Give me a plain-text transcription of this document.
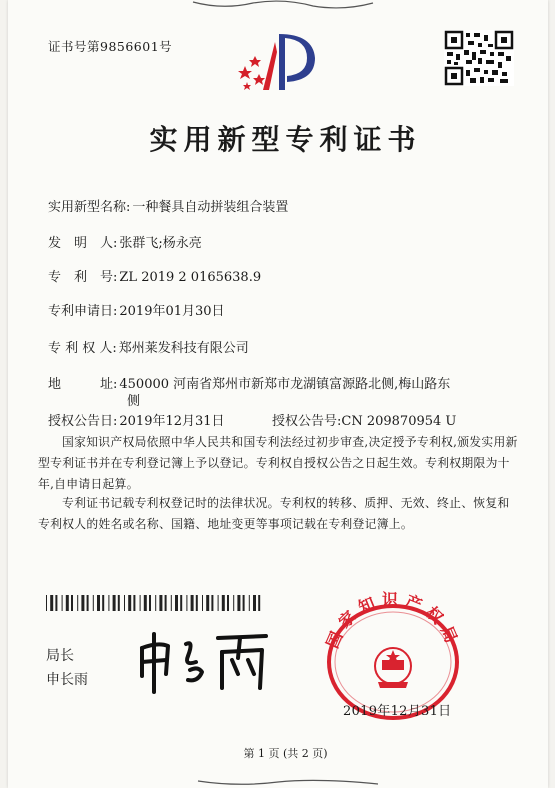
证书号第9856601号
实用新型专利证书
实用新型名称: 一种餐具自动拼装组合装置
发　明　人: 张群飞;杨永亮
专　利　号: ZL 2019 2 0165638.9
专利申请日: 2019年01月30日
专 利 权 人: 郑州莱发科技有限公司
地　　　址: 450000 河南省郑州市新郑市龙湖镇富源路北侧,梅山路东
侧
授权公告日: 2019年12月31日	授权公告号:CN 209870954 U
国家知识产权局依照中华人民共和国专利法经过初步审查,决定授予专利权,颁发实用新型专利证书并在专利登记簿上予以登记。专利权自授权公告之日起生效。专利权期限为十年,自申请日起算。
专利证书记载专利权登记时的法律状况。专利权的转移、质押、无效、终止、恢复和专利权人的姓名或名称、国籍、地址变更等事项记载在专利登记簿上。
局长
申长雨
国家知识产权局
2019年12月31日
第 1 页 (共 2 页)
